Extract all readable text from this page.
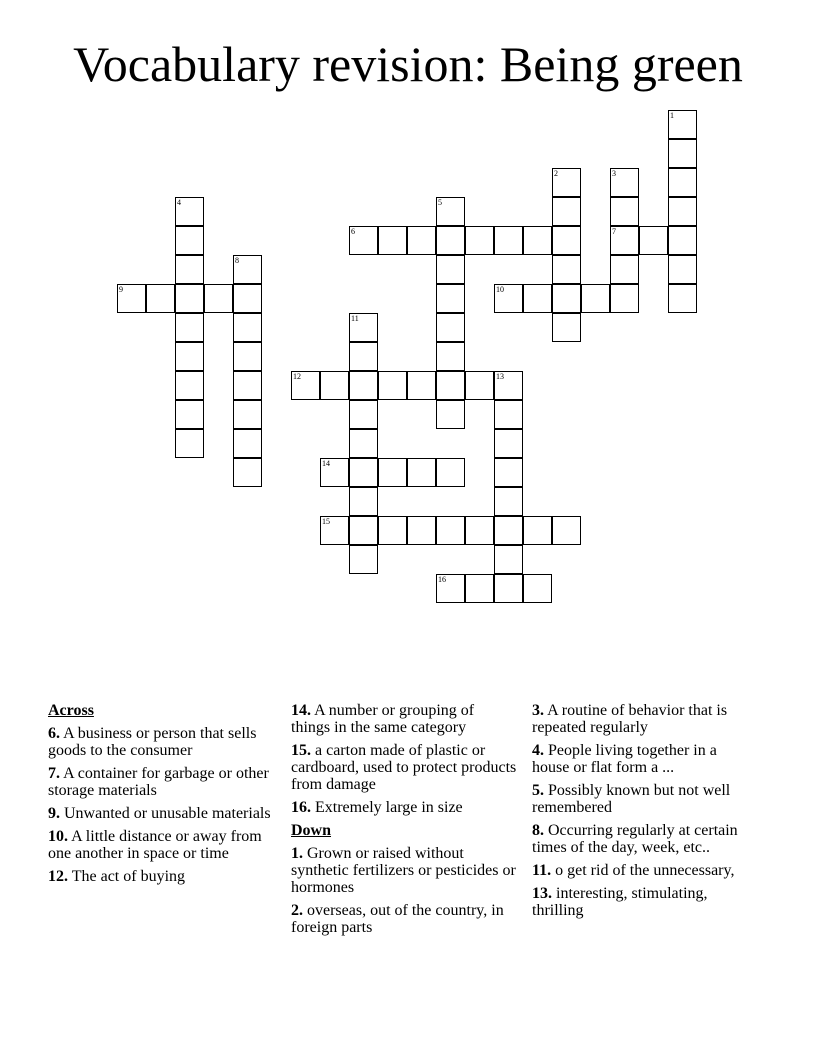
Vocabulary revision: Being green
1
2	3
7
4	5
6
8
9	10
11
12	13
14
15
16
Across
6. A business or person that sells goods to the consumer
7. A container for garbage or other storage materials
9. Unwanted or unusable materials
10. A little distance or away from one another in space or time
12. The act of buying
14. A number or grouping of things in the same category
15. a carton made of plastic or cardboard, used to protect products from damage
16. Extremely large in size
Down
1. Grown or raised without synthetic fertilizers or pesticides or hormones
2. overseas, out of the country, in foreign parts
3. A routine of behavior that is repeated regularly
4. People living together in a house or flat form a ...
5. Possibly known but not well remembered
8. Occurring regularly at certain times of the day, week, etc..
11. o get rid of the unnecessary,
13. interesting, stimulating, thrilling
